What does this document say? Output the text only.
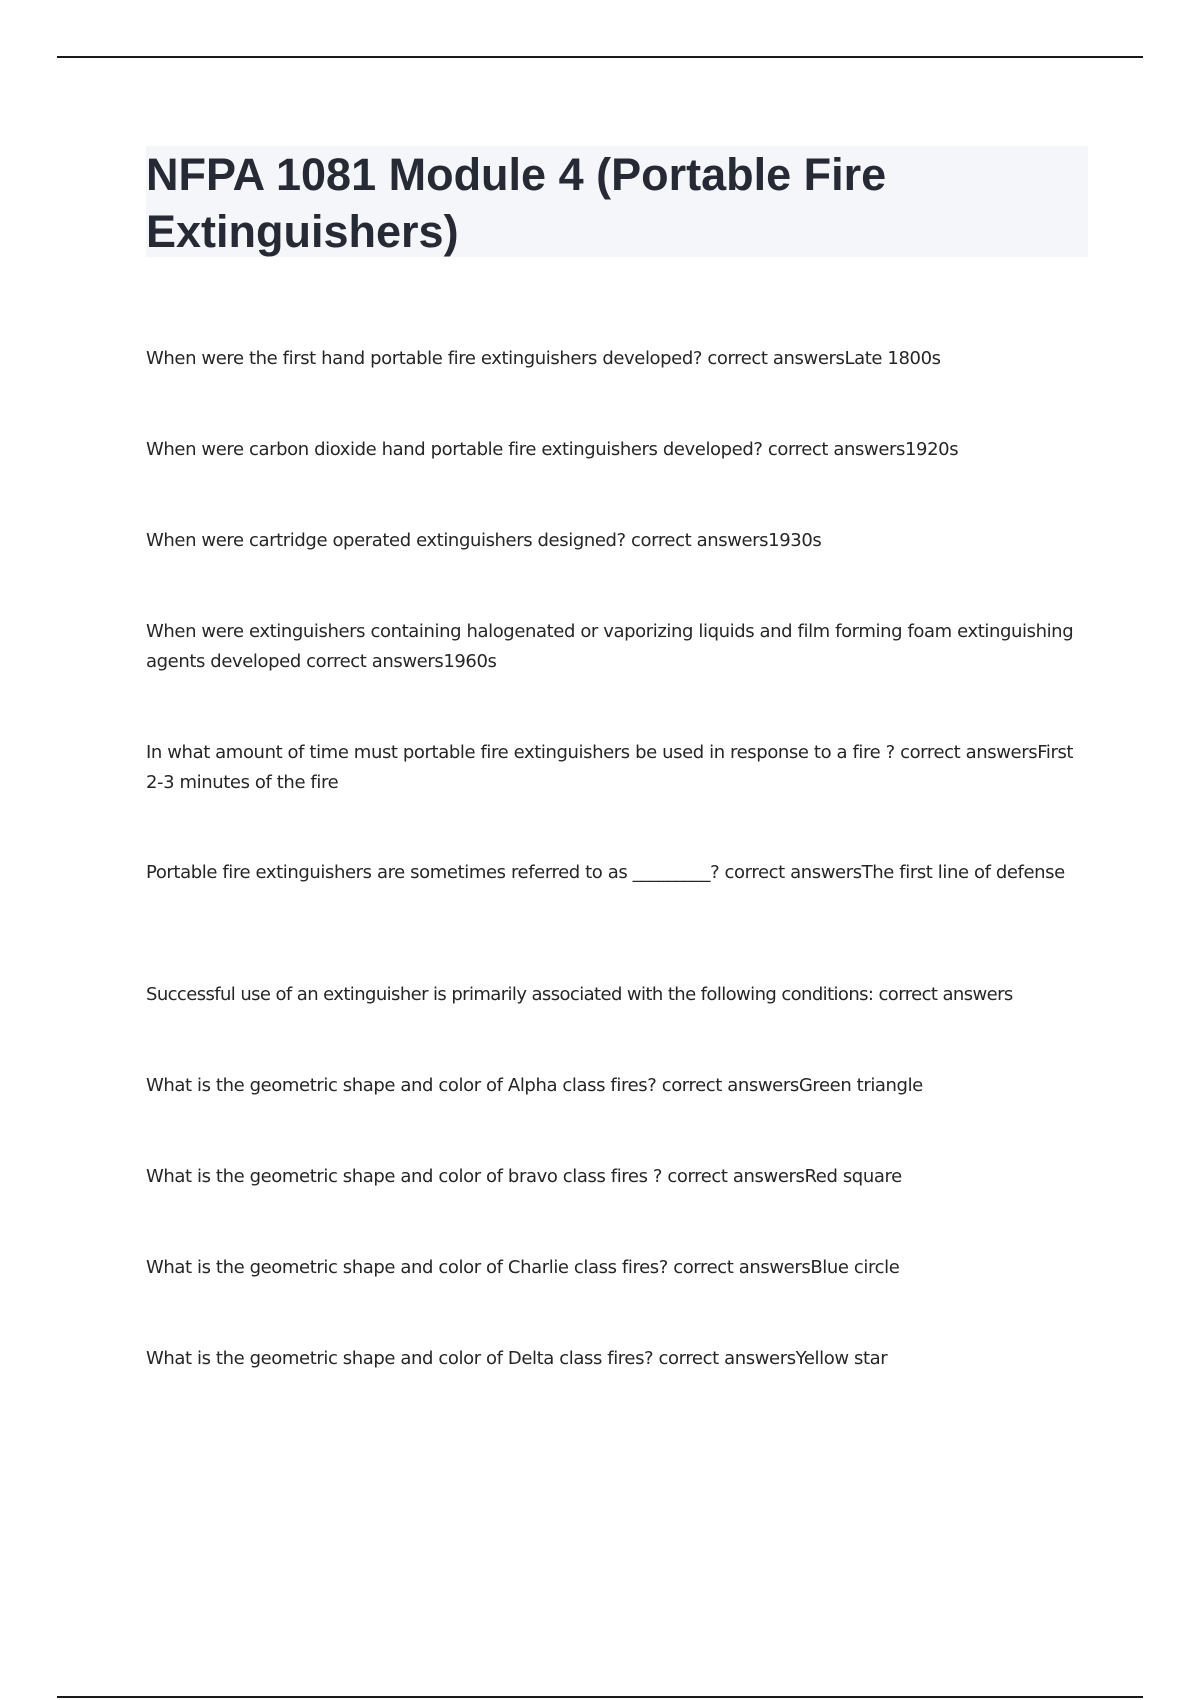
NFPA 1081 Module 4 (Portable Fire
Extinguishers)

When were the first hand portable fire extinguishers developed? correct answersLate 1800s

When were carbon dioxide hand portable fire extinguishers developed? correct answers1920s

When were cartridge operated extinguishers designed? correct answers1930s

When were extinguishers containing halogenated or vaporizing liquids and film forming foam extinguishing agents developed correct answers1960s

In what amount of time must portable fire extinguishers be used in response to a fire ? correct answersFirst 2-3 minutes of the fire

Portable fire extinguishers are sometimes referred to as _________? correct answersThe first line of defense

Successful use of an extinguisher is primarily associated with the following conditions: correct answers

What is the geometric shape and color of Alpha class fires? correct answersGreen triangle

What is the geometric shape and color of bravo class fires ? correct answersRed square

What is the geometric shape and color of Charlie class fires? correct answersBlue circle

What is the geometric shape and color of Delta class fires? correct answersYellow star
